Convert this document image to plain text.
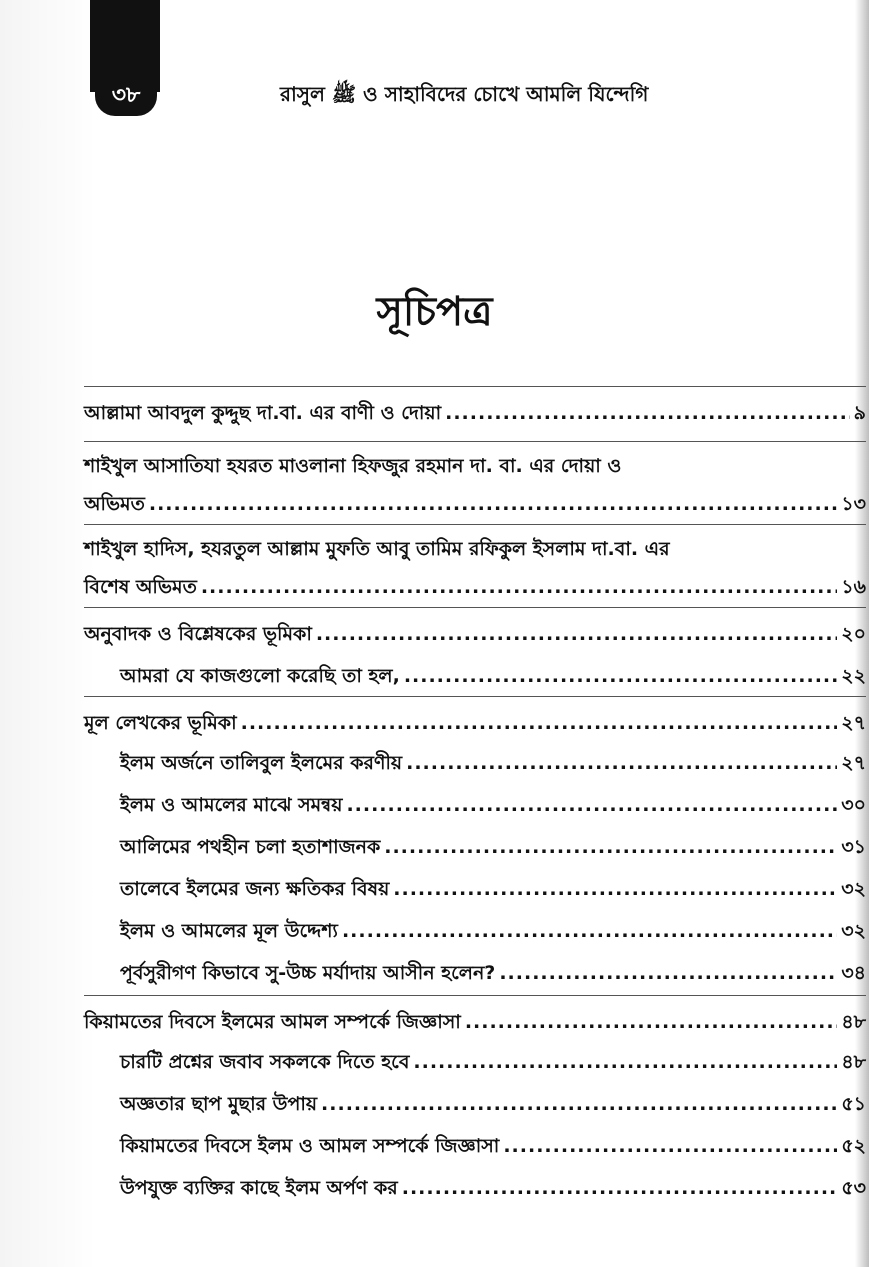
৩৮	রাসুল ﷺ ও সাহাবিদের চোখে আমলি যিন্দেগি
সূচিপত্র
আল্লামা আবদুল কুদ্দুছ দা.বা. এর বাণী ও দোয়া .....	৯
শাইখুল আসাতিযা হযরত মাওলানা হিফজুর রহমান দা. বা. এর দোয়া ও
অভিমত .....	১৩
শাইখুল হাদিস, হযরতুল আল্লাম মুফতি আবু তামিম রফিকুল ইসলাম দা.বা. এর
বিশেষ অভিমত .....	১৬
অনুবাদক ও বিশ্লেষকের ভূমিকা .....	২০
আমরা যে কাজগুলো করেছি তা হল, .....	২২
মূল লেখকের ভূমিকা .....	২৭
ইলম অর্জনে তালিবুল ইলমের করণীয় .....	২৭
ইলম ও আমলের মাঝে সমন্বয় .....	৩০
আলিমের পথহীন চলা হতাশাজনক .....	৩১
তালেবে ইলমের জন্য ক্ষতিকর বিষয় .....	৩২
ইলম ও আমলের মূল উদ্দেশ্য .....	৩২
পূর্বসুরীগণ কিভাবে সু-উচ্চ মর্যাদায় আসীন হলেন? .....	৩৪
কিয়ামতের দিবসে ইলমের আমল সম্পর্কে জিজ্ঞাসা .....	৪৮
চারটি প্রশ্নের জবাব সকলকে দিতে হবে .....	৪৮
অজ্ঞতার ছাপ মুছার উপায় .....	৫১
কিয়ামতের দিবসে ইলম ও আমল সম্পর্কে জিজ্ঞাসা .....	৫২
উপযুক্ত ব্যক্তির কাছে ইলম অর্পণ কর .....	৫৩
